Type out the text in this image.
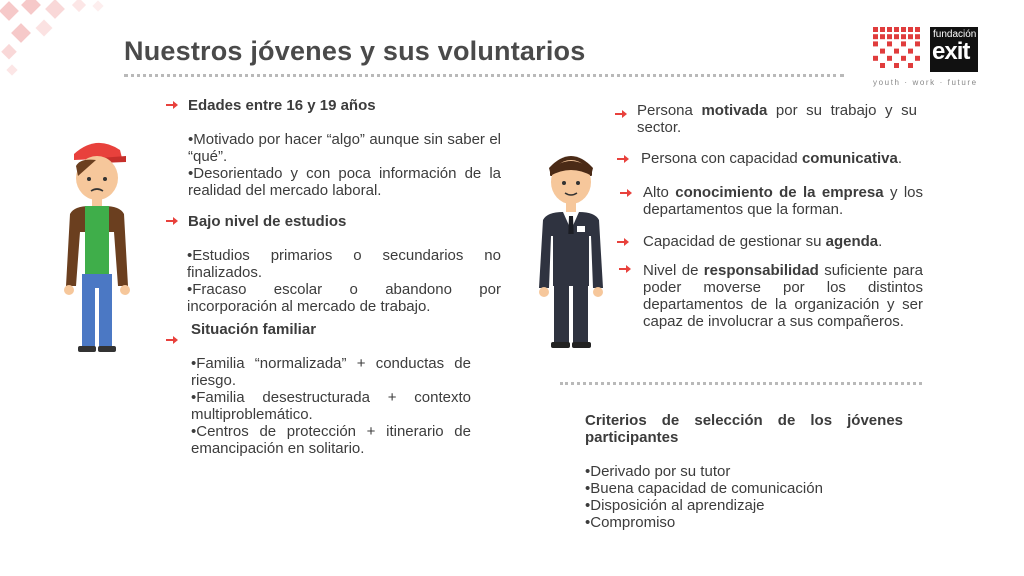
Nuestros jóvenes y sus voluntarios
fundación
exit
youth · work · future
Edades entre 16 y 19 años
•Motivado por hacer “algo” aunque sin saber el “qué”.
•Desorientado y con poca información de la realidad del mercado laboral.
Bajo nivel de estudios
•Estudios primarios o secundarios no finalizados.
•Fracaso escolar o abandono por incorporación al mercado de trabajo.
Situación familiar
•Familia “normalizada” + conductas de riesgo.
•Familia desestructurada + contexto multiproblemático.
•Centros de protección + itinerario de emancipación en solitario.
Persona motivada por su trabajo y su sector.
Persona con capacidad comunicativa.
Alto conocimiento de la empresa y los departamentos que la forman.
Capacidad de gestionar su agenda.
Nivel de responsabilidad suficiente para poder moverse por los distintos departamentos de la organización y ser capaz de involucrar a sus compañeros.
Criterios de selección de los jóvenes participantes
•Derivado por su tutor
•Buena capacidad de comunicación
•Disposición al aprendizaje
•Compromiso
